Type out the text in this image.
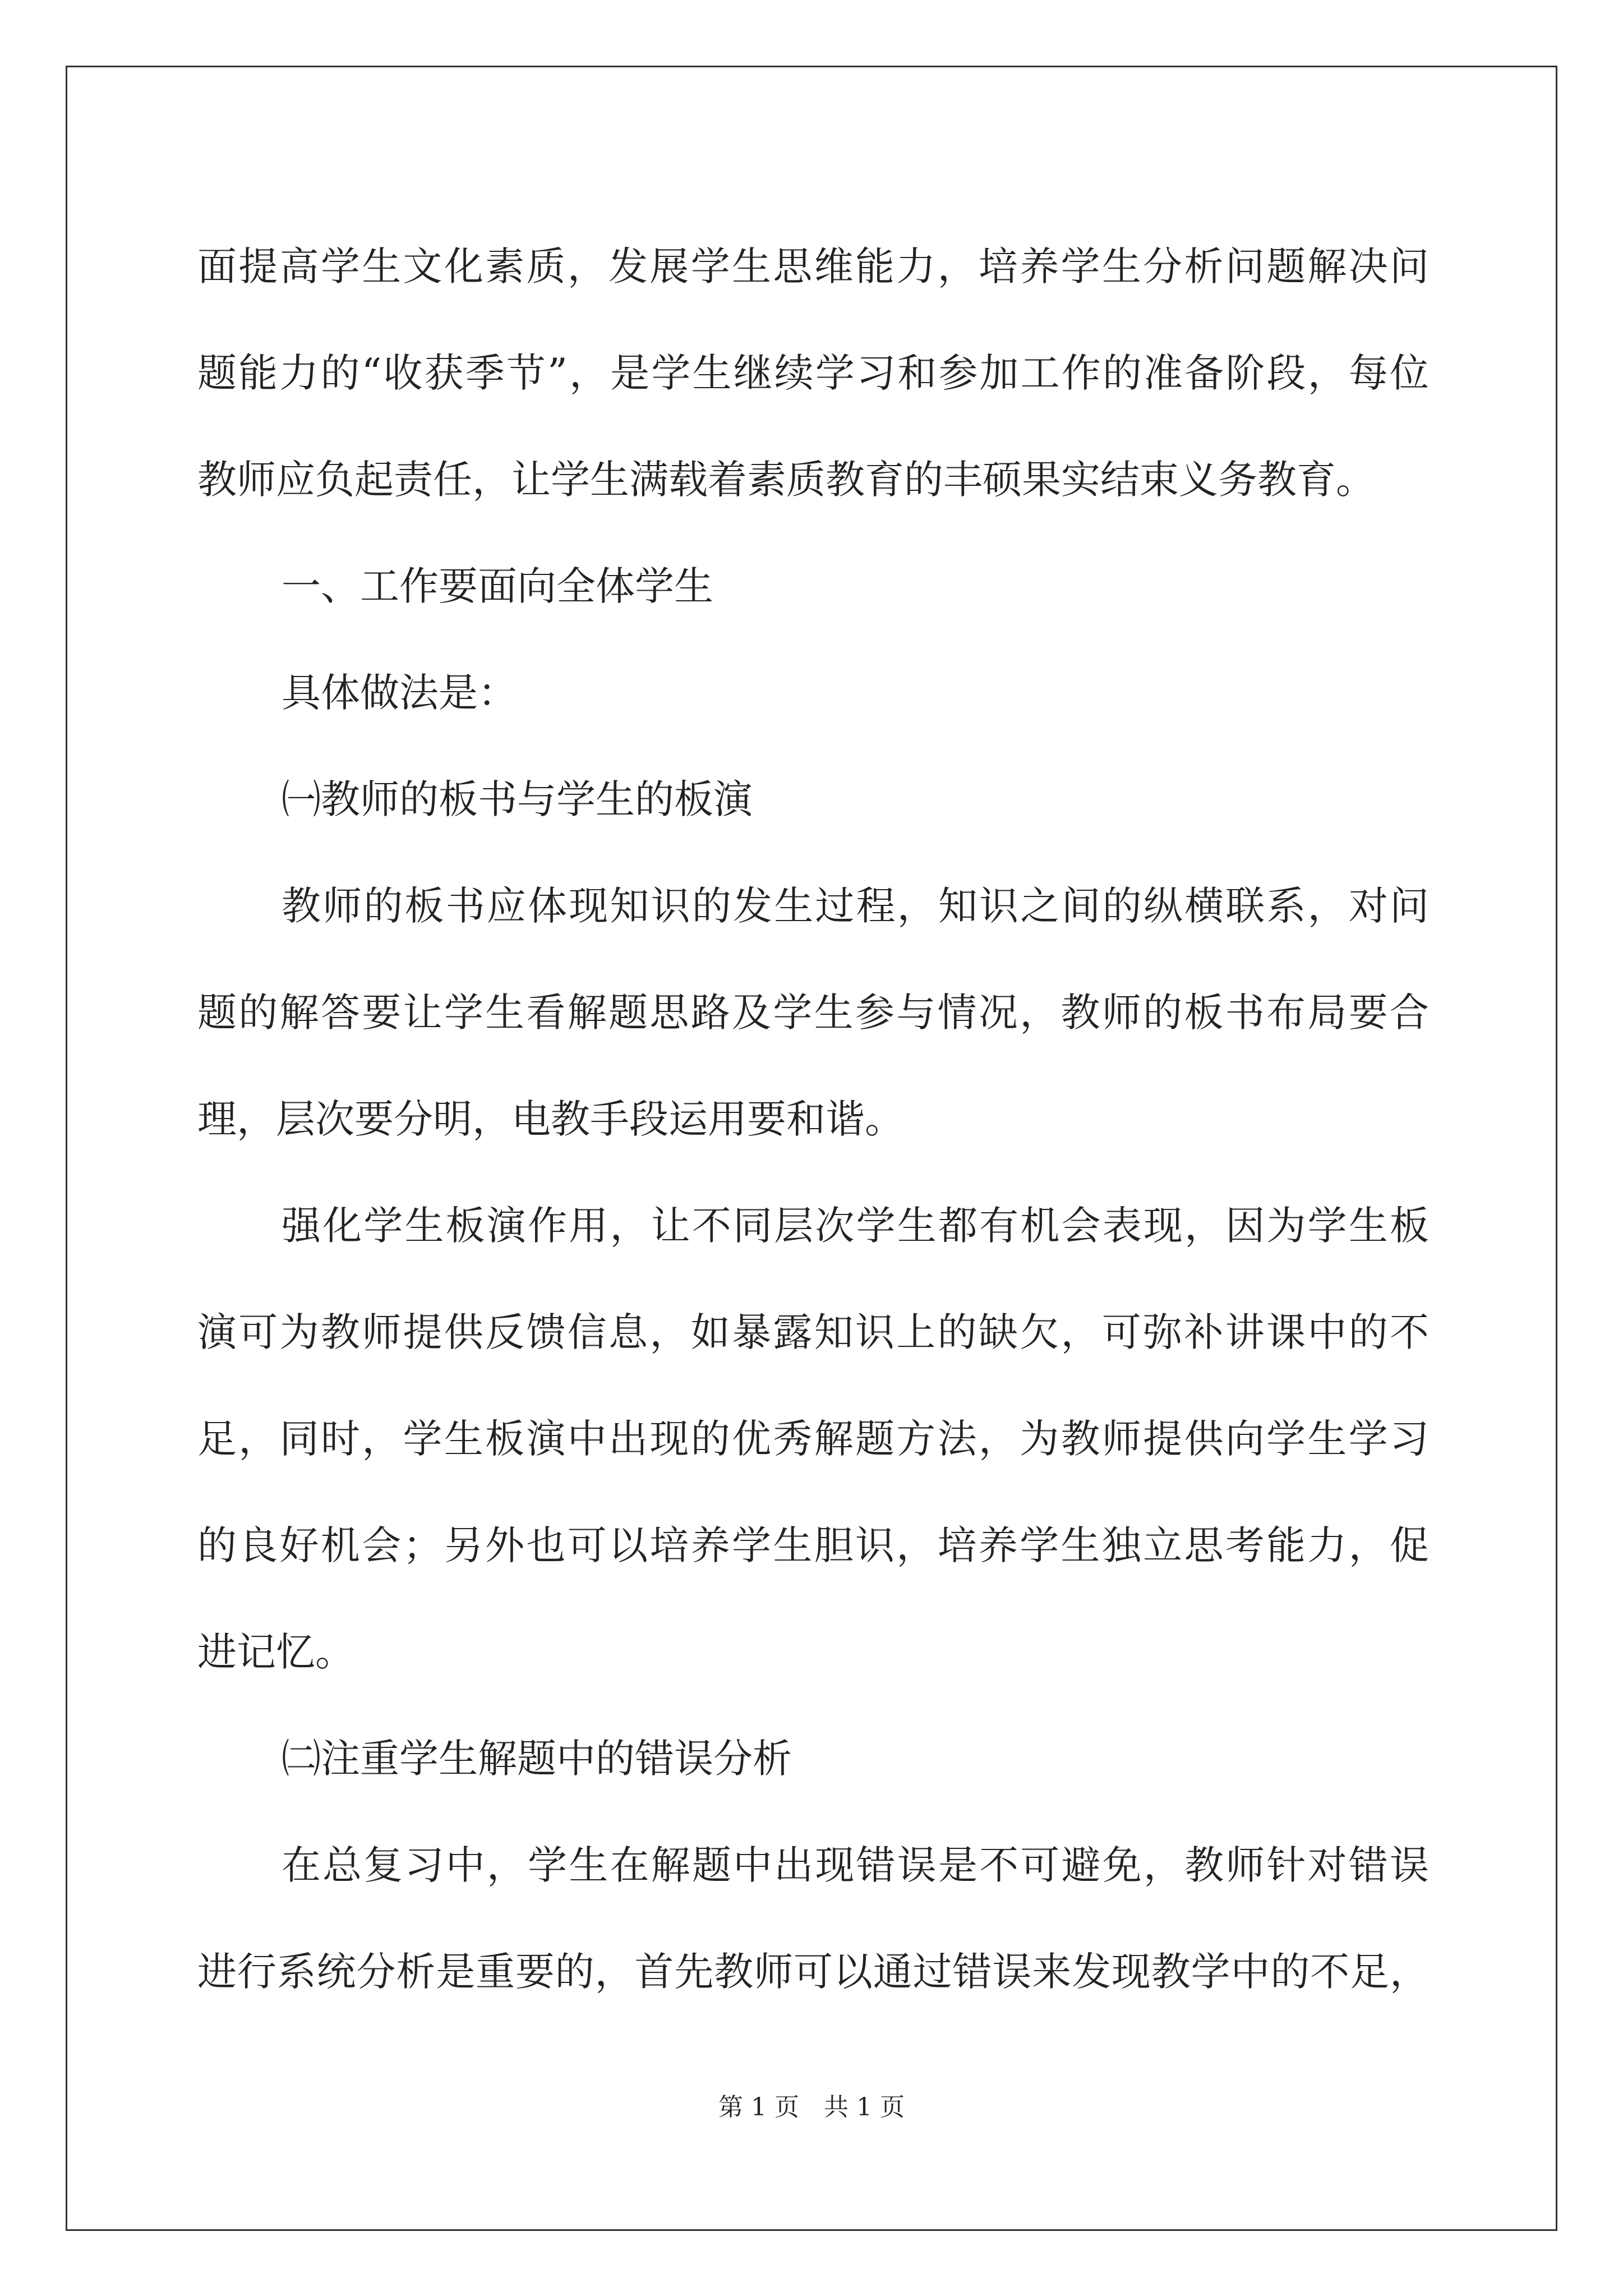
面提高学生文化素质，发展学生思维能力，培养学生分析问题解决问
题能力的“收获季节”，是学生继续学习和参加工作的准备阶段，每位
教师应负起责任，让学生满载着素质教育的丰硕果实结束义务教育。
一、工作要面向全体学生
具体做法是：
㈠教师的板书与学生的板演
教师的板书应体现知识的发生过程，知识之间的纵横联系，对问
题的解答要让学生看解题思路及学生参与情况，教师的板书布局要合
理，层次要分明，电教手段运用要和谐。
强化学生板演作用，让不同层次学生都有机会表现，因为学生板
演可为教师提供反馈信息，如暴露知识上的缺欠，可弥补讲课中的不
足，同时，学生板演中出现的优秀解题方法，为教师提供向学生学习
的良好机会；另外也可以培养学生胆识，培养学生独立思考能力，促
进记忆。
㈡注重学生解题中的错误分析
在总复习中，学生在解题中出现错误是不可避免，教师针对错误
进行系统分析是重要的，首先教师可以通过错误来发现教学中的不足，
第 1 页　共 1 页
